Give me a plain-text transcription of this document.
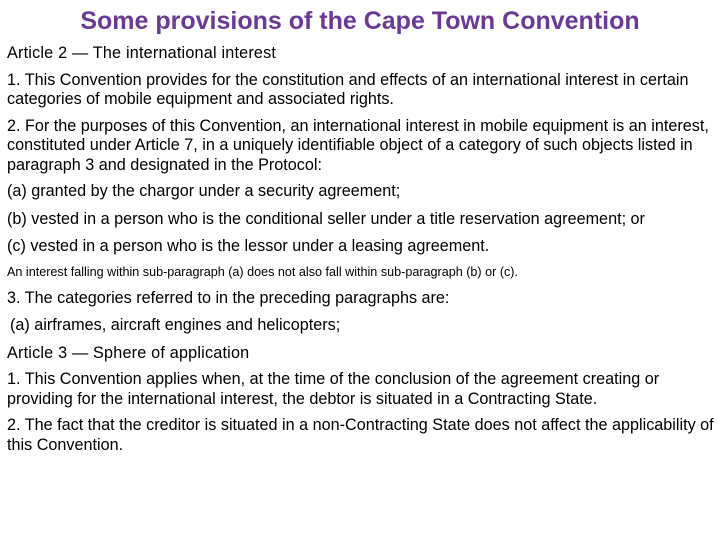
Some provisions of the Cape Town Convention

Article 2 — The international interest

1. This Convention provides for the constitution and effects of an international interest in certain categories of mobile equipment and associated rights.

2. For the purposes of this Convention, an international interest in mobile equipment is an interest, constituted under Article 7, in a uniquely identifiable object of a category of such objects listed in paragraph 3 and designated in the Protocol:

(a) granted by the chargor under a security agreement;

(b) vested in a person who is the conditional seller under a title reservation agreement; or

(c) vested in a person who is the lessor under a leasing agreement.

An interest falling within sub-paragraph (a) does not also fall within sub-paragraph (b) or (c).

3. The categories referred to in the preceding paragraphs are:

(a) airframes, aircraft engines and helicopters;

Article 3 — Sphere of application

1. This Convention applies when, at the time of the conclusion of the agreement creating or providing for the international interest, the debtor is situated in a Contracting State.

2. The fact that the creditor is situated in a non-Contracting State does not affect the applicability of this Convention.
